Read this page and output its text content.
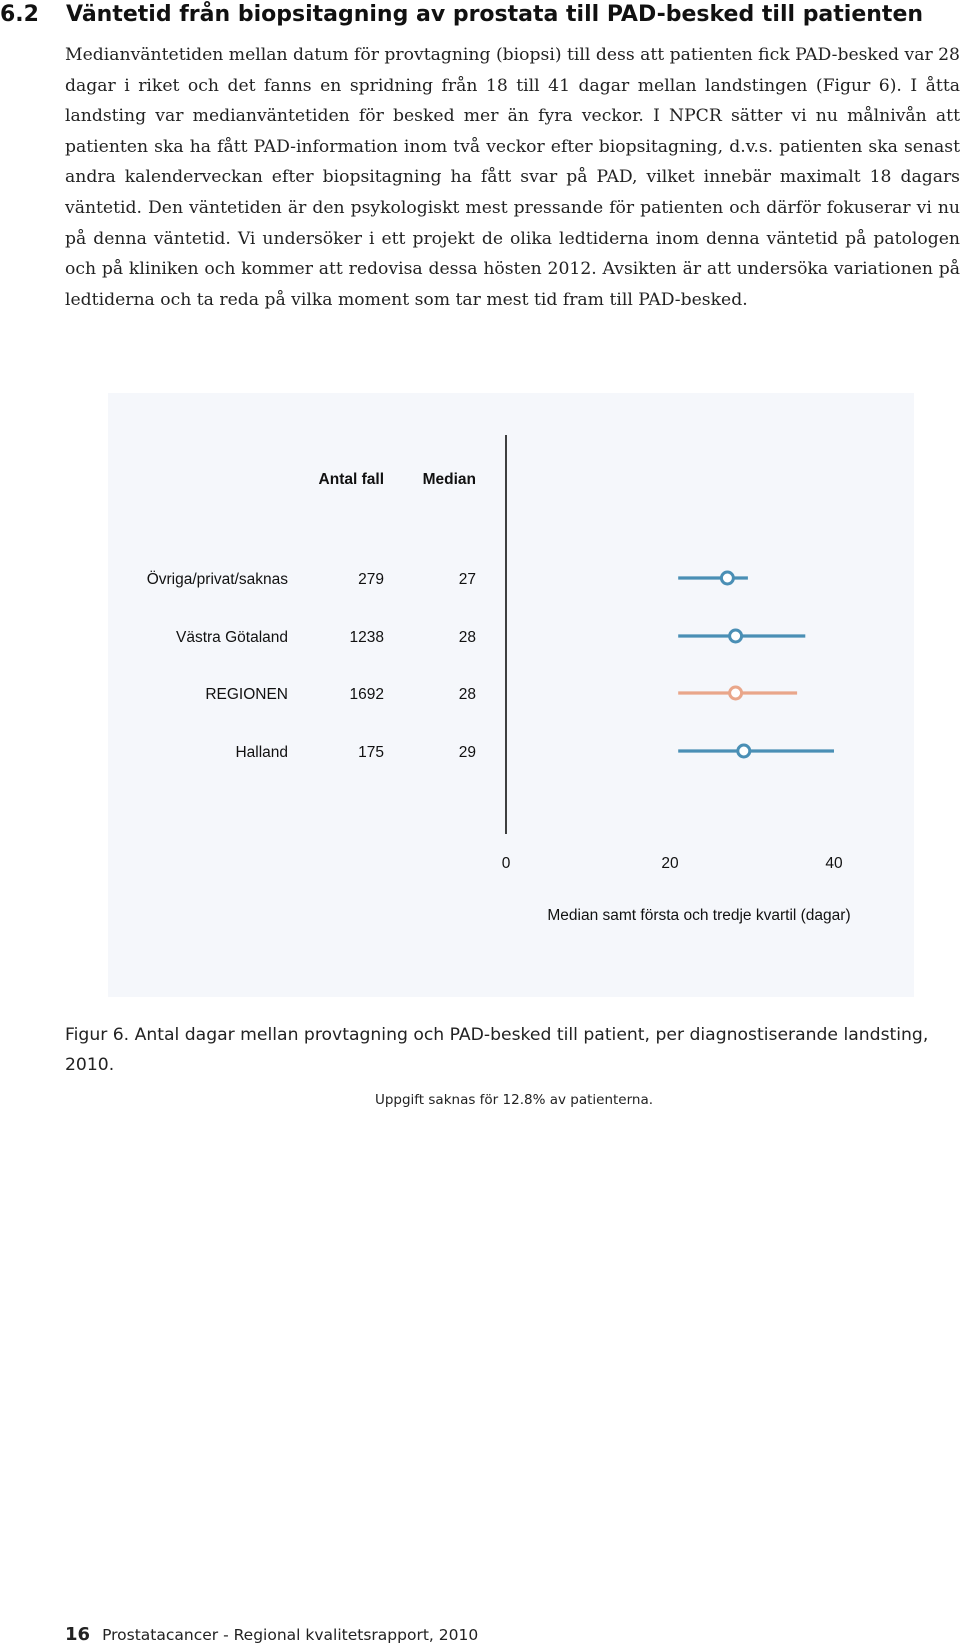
6.2 Väntetid från biopsitagning av prostata till PAD-besked till patienten
Medianväntetiden mellan datum för provtagning (biopsi) till dess att patienten fick PAD-besked var 28 dagar i riket och det fanns en spridning från 18 till 41 dagar mellan landstingen (Figur 6). I åtta landsting var medianväntetiden för besked mer än fyra veckor. I NPCR sätter vi nu målnivån att patienten ska ha fått PAD-information inom två veckor efter biopsitagning, d.v.s. patienten ska senast andra kalenderveckan efter biopsitagning ha fått svar på PAD, vilket innebär maximalt 18 dagars väntetid. Den väntetiden är den psykologiskt mest pressande för patienten och därför fokuserar vi nu på denna väntetid. Vi undersöker i ett projekt de olika ledtiderna inom denna väntetid på patologen och på kliniken och kommer att redovisa dessa hösten 2012. Avsikten är att undersöka variationen på ledtiderna och ta reda på vilka moment som tar mest tid fram till PAD-besked.
Antal fall Median
Övriga/privat/saknas	279	27
Västra Götaland	1238	28
REGIONEN	1692	28
Halland	175	29
0	20	40
Median samt första och tredje kvartil (dagar)
Figur 6. Antal dagar mellan provtagning och PAD-besked till patient, per diagnostiserande landsting, 2010.
Uppgift saknas för 12.8% av patienterna.
16 Prostatacancer - Regional kvalitetsrapport, 2010
